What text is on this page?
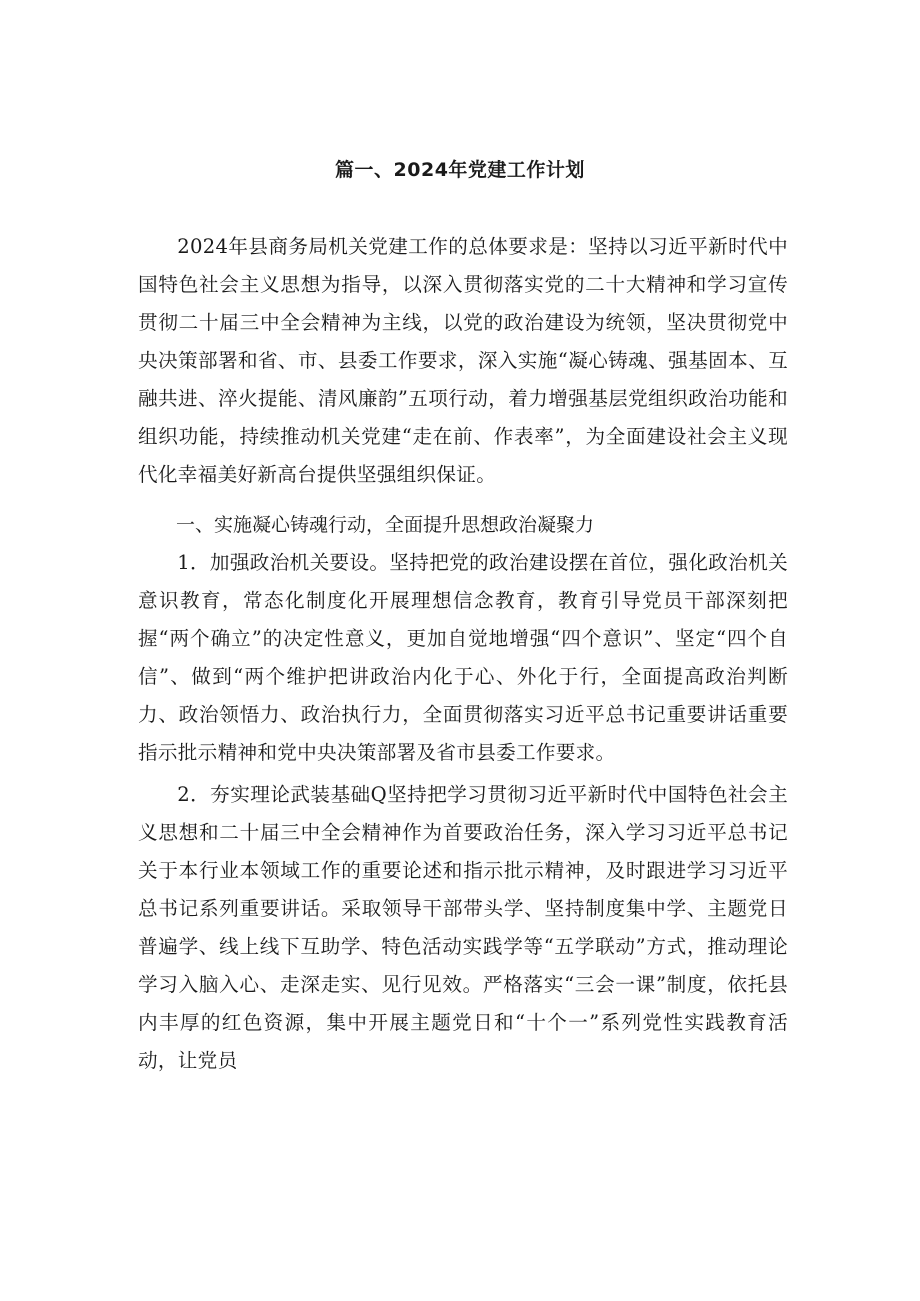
篇一、2024年党建工作计划

2024年县商务局机关党建工作的总体要求是：坚持以习近平新时代中国特色社会主义思想为指导，以深入贯彻落实党的二十大精神和学习宣传贯彻二十届三中全会精神为主线，以党的政治建设为统领，坚决贯彻党中央决策部署和省、市、县委工作要求，深入实施“凝心铸魂、强基固本、互融共进、淬火提能、清风廉韵”五项行动，着力增强基层党组织政治功能和组织功能，持续推动机关党建“走在前、作表率”，为全面建设社会主义现代化幸福美好新高台提供坚强组织保证。

一、实施凝心铸魂行动，全面提升思想政治凝聚力

1．加强政治机关要设。坚持把党的政治建设摆在首位，强化政治机关意识教育，常态化制度化开展理想信念教育，教育引导党员干部深刻把握“两个确立”的决定性意义，更加自觉地增强“四个意识”、坚定“四个自信”、做到“两个维护把讲政治内化于心、外化于行，全面提高政治判断力、政治领悟力、政治执行力，全面贯彻落实习近平总书记重要讲话重要指示批示精神和党中央决策部署及省市县委工作要求。

2．夯实理论武装基础Q坚持把学习贯彻习近平新时代中国特色社会主义思想和二十届三中全会精神作为首要政治任务，深入学习习近平总书记关于本行业本领域工作的重要论述和指示批示精神，及时跟进学习习近平总书记系列重要讲话。采取领导干部带头学、坚持制度集中学、主题党日普遍学、线上线下互助学、特色活动实践学等“五学联动”方式，推动理论学习入脑入心、走深走实、见行见效。严格落实“三会一课”制度，依托县内丰厚的红色资源，集中开展主题党日和“十个一”系列党性实践教育活动，让党员
